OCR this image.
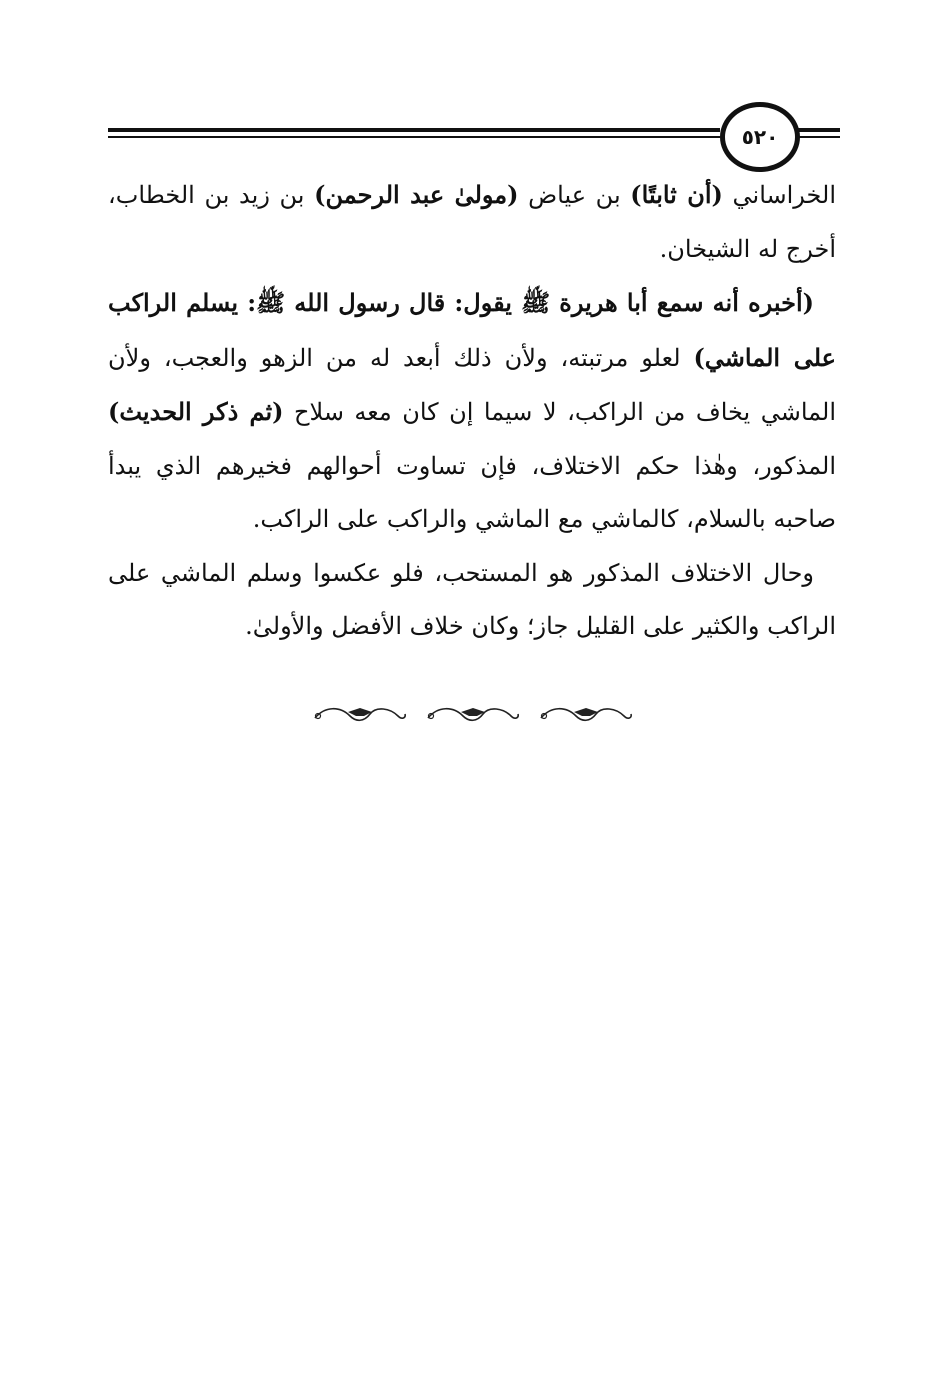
٥٢٠

الخراساني (أن ثابتًا) بن عياض (مولىٰ عبد الرحمن) بن زيد بن الخطاب، أخرج له الشيخان.

(أخبره أنه سمع أبا هريرة ﷺ يقول: قال رسول الله ﷺ: يسلم الراكب على الماشي) لعلو مرتبته، ولأن ذلك أبعد له من الزهو والعجب، ولأن الماشي يخاف من الراكب، لا سيما إن كان معه سلاح (ثم ذكر الحديث) المذكور، وهٰذا حكم الاختلاف، فإن تساوت أحوالهم فخيرهم الذي يبدأ صاحبه بالسلام، كالماشي مع الماشي والراكب على الراكب.

وحال الاختلاف المذكور هو المستحب، فلو عكسوا وسلم الماشي على الراكب والكثير على القليل جاز؛ وكان خلاف الأفضل والأولىٰ.
